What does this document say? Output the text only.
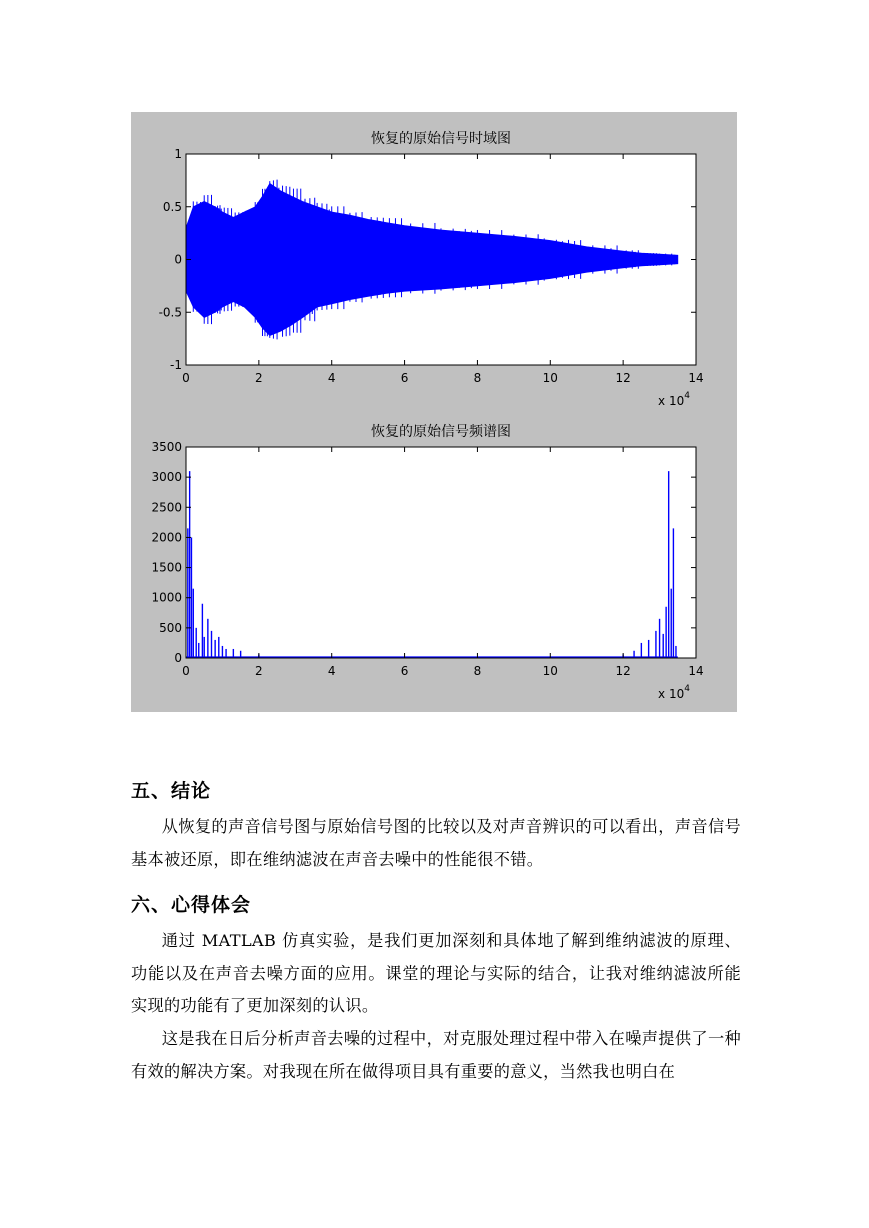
0	2	4	6	8	10	12	14
1
0.5
0
-0.5
-1
恢复的原始信号时域图
x $10^4$
0	2	4	6	8	10	12	14
3500
3000
2500
2000
1500
1000
500
0
恢复的原始信号频谱图
x $10^4$
五、结论

从恢复的声音信号图与原始信号图的比较以及对声音辨识的可以看出，声音信号基本被还原，即在维纳滤波在声音去噪中的性能很不错。

六、心得体会

通过 MATLAB 仿真实验，是我们更加深刻和具体地了解到维纳滤波的原理、功能以及在声音去噪方面的应用。课堂的理论与实际的结合，让我对维纳滤波所能实现的功能有了更加深刻的认识。

这是我在日后分析声音去噪的过程中，对克服处理过程中带入在噪声提供了一种有效的解决方案。对我现在所在做得项目具有重要的意义，当然我也明白在
